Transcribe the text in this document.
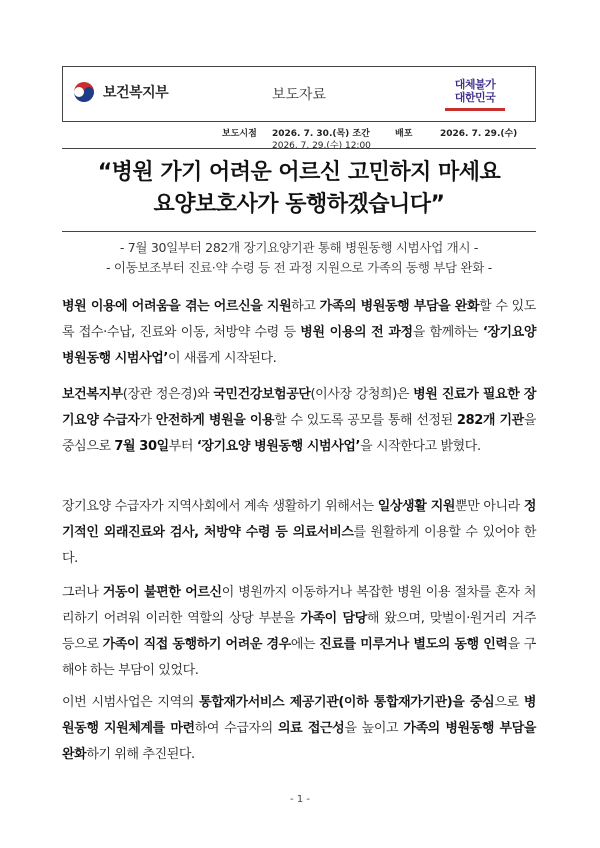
보건복지부	보도자료
대체불가
대한민국
보도시점 2026. 7. 30.(목) 조간
2026. 7. 29.(수) 12:00
배포	2026. 7. 29.(수)
“병원 가기 어려운 어르신 고민하지 마세요
요양보호사가 동행하겠습니다”
- 7월 30일부터 282개 장기요양기관 통해 병원동행 시범사업 개시 -
- 이동보조부터 진료·약 수령 등 전 과정 지원으로 가족의 동행 부담 완화 -
병원 이용에 어려움을 겪는 어르신을 지원하고 가족의 병원동행 부담을 완화할 수 있도록 접수·수납, 진료와 이동, 처방약 수령 등 병원 이용의 전 과정을 함께하는 ‘장기요양 병원동행 시범사업’이 새롭게 시작된다.
보건복지부(장관 정은경)와 국민건강보험공단(이사장 강청희)은 병원 진료가 필요한 장기요양 수급자가 안전하게 병원을 이용할 수 있도록 공모를 통해 선정된 282개 기관을 중심으로 7월 30일부터 ‘장기요양 병원동행 시범사업’을 시작한다고 밝혔다.
장기요양 수급자가 지역사회에서 계속 생활하기 위해서는 일상생활 지원뿐만 아니라 정기적인 외래진료와 검사, 처방약 수령 등 의료서비스를 원활하게 이용할 수 있어야 한다.
그러나 거동이 불편한 어르신이 병원까지 이동하거나 복잡한 병원 이용 절차를 혼자 처리하기 어려워 이러한 역할의 상당 부분을 가족이 담당해 왔으며, 맞벌이·원거리 거주 등으로 가족이 직접 동행하기 어려운 경우에는 진료를 미루거나 별도의 동행 인력을 구해야 하는 부담이 있었다.
이번 시범사업은 지역의 통합재가서비스 제공기관(이하 통합재가기관)을 중심으로 병원동행 지원체계를 마련하여 수급자의 의료 접근성을 높이고 가족의 병원동행 부담을 완화하기 위해 추진된다.
- 1 -
